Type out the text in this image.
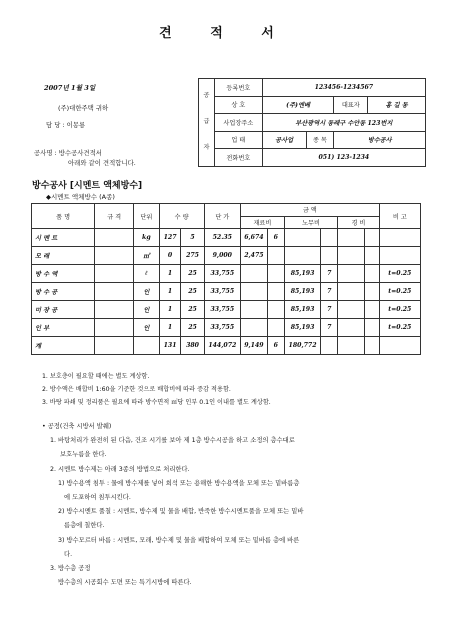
견 적 서
2007년 1월 3일
(주)대한주택 귀하
담 당 : 이몽룡
공사명 : 방수공사견적서
아래와 같이 견적합니다.
공
급
자	등록번호	123456-1234567			
	상 호	(주)엔베		대표자	홍 길 동
	사업장주소	부산광역시 동래구 수안동 123번지			
	업 태	공사업	종 목	방수공사	
	전화번호	051) 123-1234			
방수공사 [시멘트 액체방수]
◆시멘트 액체방수 (A종)
품 명	규 격	단위	수 량		단 가	금 액						비 고
						재료비		노무비		경 비		
시 멘 트		kg	127	5	52.35	6,674	6					
모 래		㎥	0	275	9,000	2,475						
방 수 액		ℓ	1	25	33,755			85,193	7			t=0.25
방 수 공		인	1	25	33,755			85,193	7			t=0.25
미 장 공		인	1	25	33,755			85,193	7			t=0.25
인 부		인	1	25	33,755			85,193	7			t=0.25
계			131	380	144,072	9,149	6	180,772				
1. 보호층이 필요할 때에는 별도 계상함.
2. 방수액은 배합비 1:60을 기준한 것으로 배합비에 따라 증감 적용함.
3. 바탕 파쇄 및 정리품은 필요에 따라 방수면적 ㎡당 인부 0.1인 이내를 별도 계상함.
• 공정(건축 시방서 발췌)
1. 바탕처리가 완전히 된 다음, 건조 시기를 보아 제 1층 방수시공을 하고 소정의 층수대로
보호누름을 한다.
2. 시멘트 방수제는 아래 3종의 방법으로 처리한다.
1) 방수용액 침투 : 물에 방수제를 넣어 희석 또는 용해한 방수용액을 모체 또는 밑바름층
에 도포하여 침투시킨다.
2) 방수시멘트 풀칠 : 시멘트, 방수제 및 물을 배합, 반죽한 방수시멘트풀을 모체 또는 밑바
름층에 칠한다.
3) 방수모르터 바름 : 시멘트, 모래, 방수제 및 물을 배합하여 모체 또는 밑바름 층에 바른
다.
3. 방수층 공정
방수층의 시공회수 도면 또는 특기시방에 따른다.
